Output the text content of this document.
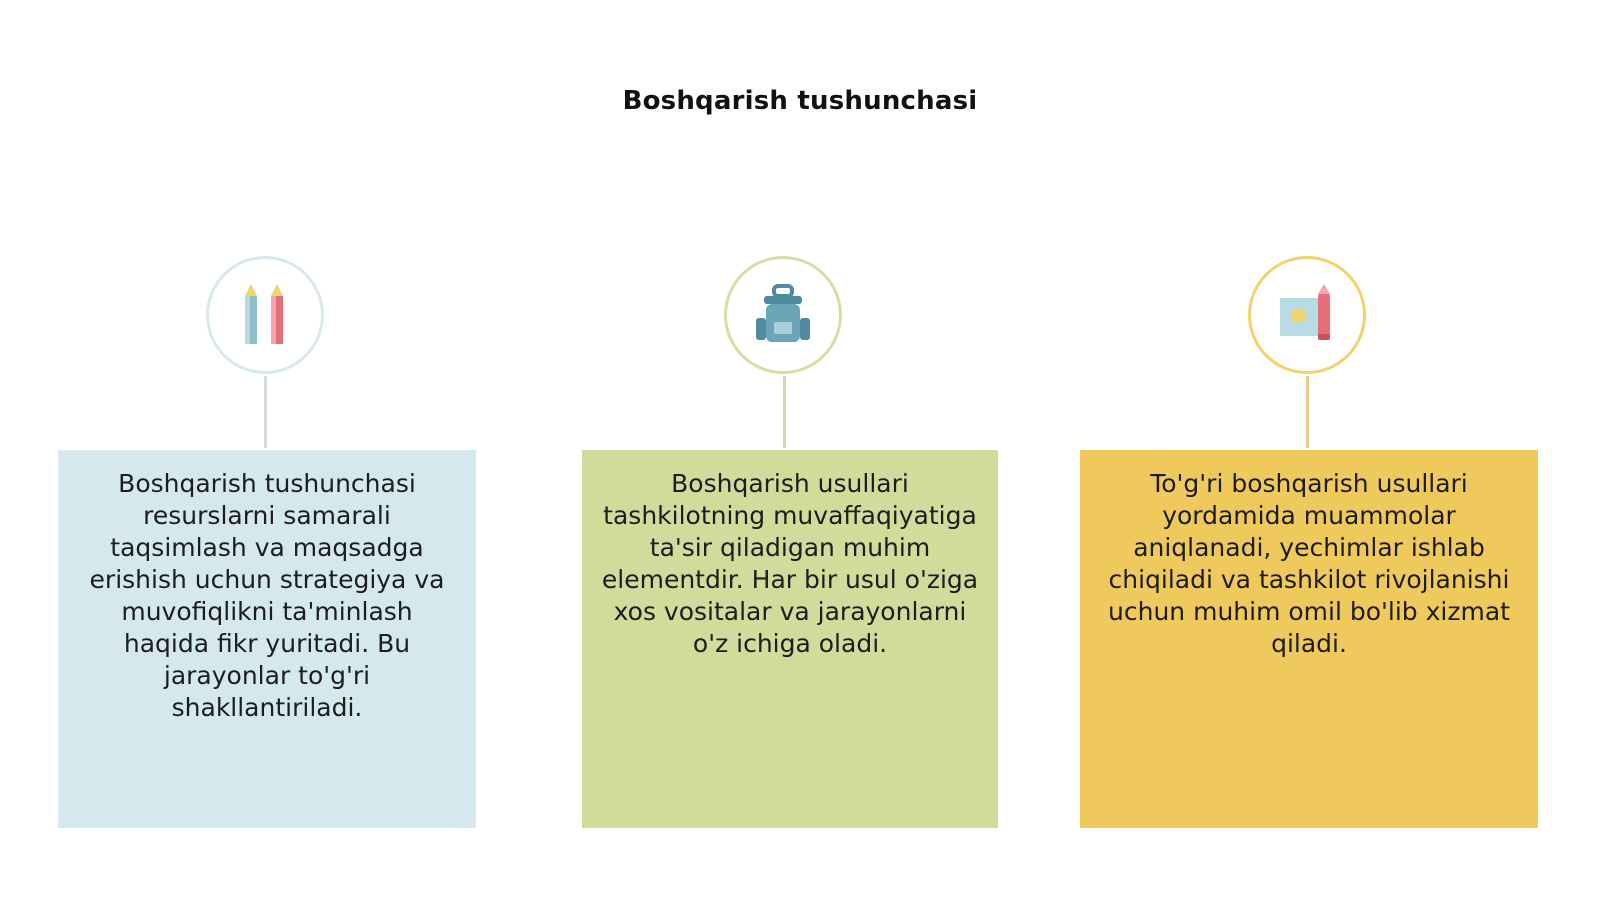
Boshqarish tushunchasi

Boshqarish tushunchasi resurslarni samarali taqsimlash va maqsadga erishish uchun strategiya va muvofiqlikni ta'minlash haqida fikr yuritadi. Bu jarayonlar to'g'ri shakllantiriladi.

Boshqarish usullari tashkilotning muvaffaqiyatiga ta'sir qiladigan muhim elementdir. Har bir usul o'ziga xos vositalar va jarayonlarni o'z ichiga oladi.

To'g'ri boshqarish usullari yordamida muammolar aniqlanadi, yechimlar ishlab chiqiladi va tashkilot rivojlanishi uchun muhim omil bo'lib xizmat qiladi.
